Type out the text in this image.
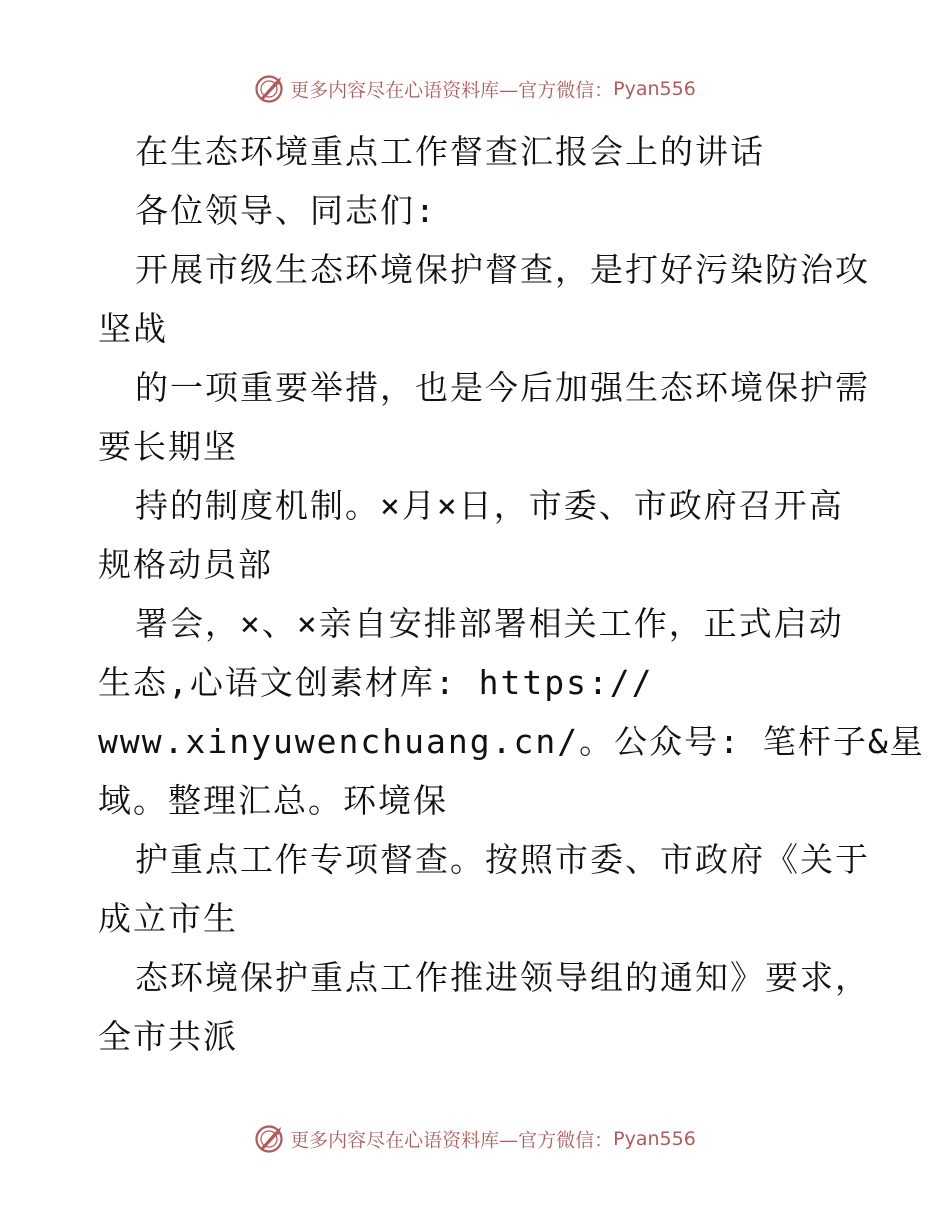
更多内容尽在心语资料库—官方微信：Pyan556
在生态环境重点工作督查汇报会上的讲话
各位领导、同志们:
开展市级生态环境保护督查，是打好污染防治攻
坚战
的一项重要举措，也是今后加强生态环境保护需
要长期坚
持的制度机制。×月×日，市委、市政府召开高
规格动员部
署会，×、×亲自安排部署相关工作，正式启动
生态,心语文创素材库: https://
www.xinyuwenchuang.cn/。公众号: 笔杆子&星
域。整理汇总。环境保
护重点工作专项督查。按照市委、市政府《关于
成立市生
态环境保护重点工作推进领导组的通知》要求，
全市共派
更多内容尽在心语资料库—官方微信：Pyan556
